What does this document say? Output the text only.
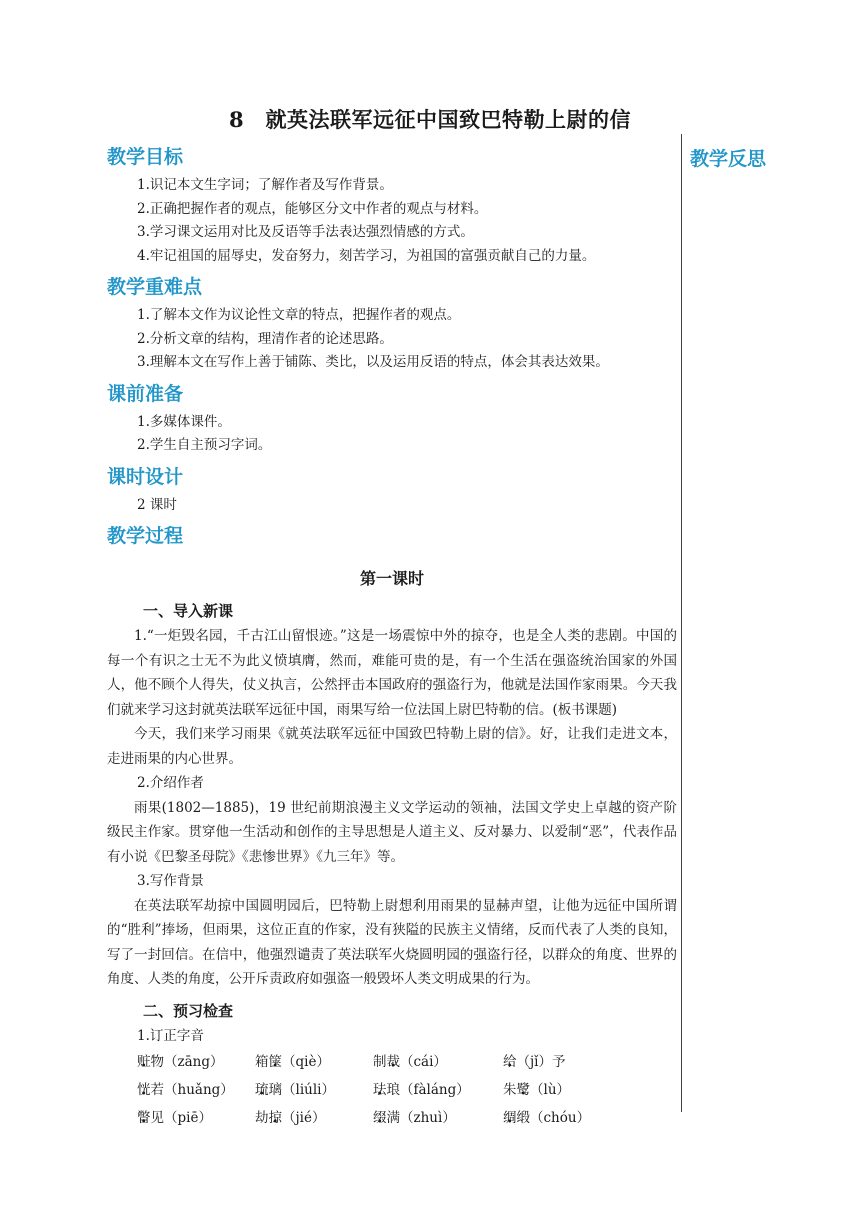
8　就英法联军远征中国致巴特勒上尉的信
教学反思
教学目标
1.识记本文生字词；了解作者及写作背景。
2.正确把握作者的观点，能够区分文中作者的观点与材料。
3.学习课文运用对比及反语等手法表达强烈情感的方式。
4.牢记祖国的屈辱史，发奋努力，刻苦学习，为祖国的富强贡献自己的力量。
教学重难点
1.了解本文作为议论性文章的特点，把握作者的观点。
2.分析文章的结构，理清作者的论述思路。
3.理解本文在写作上善于铺陈、类比，以及运用反语的特点，体会其表达效果。
课前准备
1.多媒体课件。
2.学生自主预习字词。
课时设计
2 课时
教学过程
第一课时
一、导入新课

1.“一炬毁名园，千古江山留恨迹。”这是一场震惊中外的掠夺，也是全人类的悲剧。中国的每一个有识之士无不为此义愤填膺，然而，难能可贵的是，有一个生活在强盗统治国家的外国人，他不顾个人得失，仗义执言，公然抨击本国政府的强盗行为，他就是法国作家雨果。今天我们就来学习这封就英法联军远征中国，雨果写给一位法国上尉巴特勒的信。(板书课题)

今天，我们来学习雨果《就英法联军远征中国致巴特勒上尉的信》。好，让我们走进文本，走进雨果的内心世界。

2.介绍作者

雨果(1802—1885)，19 世纪前期浪漫主义文学运动的领袖，法国文学史上卓越的资产阶级民主作家。贯穿他一生活动和创作的主导思想是人道主义、反对暴力、以爱制“恶”，代表作品有小说《巴黎圣母院》《悲惨世界》《九三年》等。

3.写作背景

在英法联军劫掠中国圆明园后，巴特勒上尉想利用雨果的显赫声望，让他为远征中国所谓的“胜利”捧场，但雨果，这位正直的作家，没有狭隘的民族主义情绪，反而代表了人类的良知，写了一封回信。在信中，他强烈谴责了英法联军火烧圆明园的强盗行径，以群众的角度、世界的角度、人类的角度，公开斥责政府如强盗一般毁坏人类文明成果的行为。

二、预习检查

1.订正字音

赃物（zāng）	箱箧（qiè）	制裁（cái）	给（jǐ）予
恍若（huǎng）	琉璃（liúli）	珐琅（fàláng）	朱鹭（lù）
瞥见（piē）	劫掠（jié）	缀满（zhuì）	绸缎（chóu）
